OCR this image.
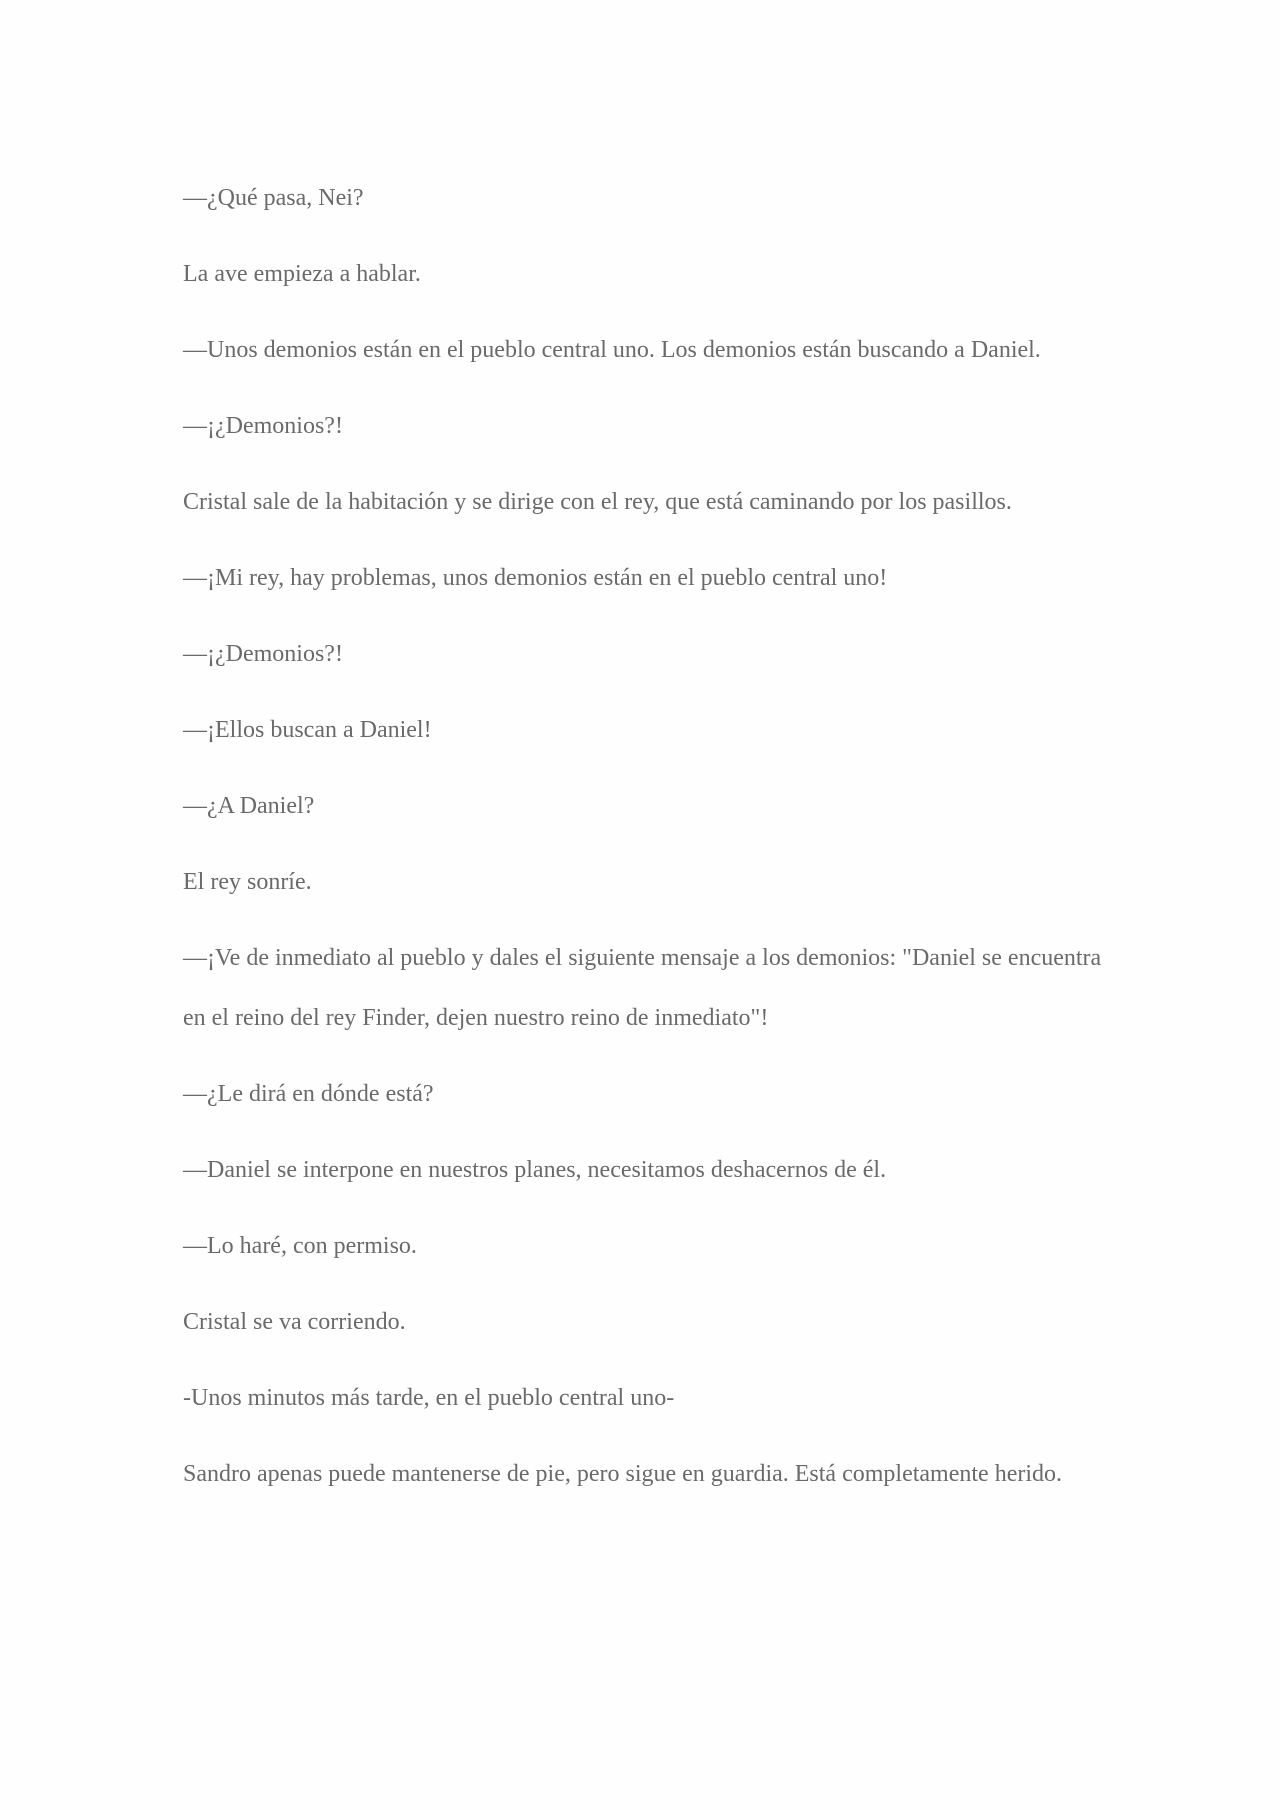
—¿Qué pasa, Nei?

La ave empieza a hablar.

—Unos demonios están en el pueblo central uno. Los demonios están buscando a Daniel.

—¡¿Demonios?!

Cristal sale de la habitación y se dirige con el rey, que está caminando por los pasillos.

—¡Mi rey, hay problemas, unos demonios están en el pueblo central uno!

—¡¿Demonios?!

—¡Ellos buscan a Daniel!

—¿A Daniel?

El rey sonríe.

—¡Ve de inmediato al pueblo y dales el siguiente mensaje a los demonios: "Daniel se encuentra en el reino del rey Finder, dejen nuestro reino de inmediato"!

—¿Le dirá en dónde está?

—Daniel se interpone en nuestros planes, necesitamos deshacernos de él.

—Lo haré, con permiso.

Cristal se va corriendo.

-Unos minutos más tarde, en el pueblo central uno-

Sandro apenas puede mantenerse de pie, pero sigue en guardia. Está completamente herido.
